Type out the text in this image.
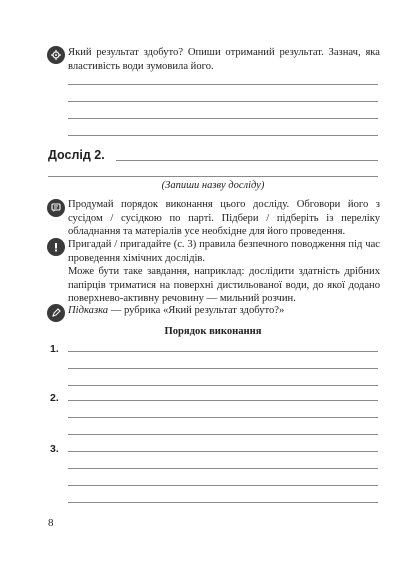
Який результат здобуто? Опиши отриманий результат. Зазнач, яка властивість води зумовила його.

Дослід 2.
(Запиши назву досліду)

Продумай порядок виконання цього досліду. Обговори його з сусідом / сусідкою по парті. Підбери / підберіть із переліку обладнання та матеріалів усе необхідне для його проведення.

Пригадай / пригадайте (с. 3) правила безпечного поводження під час проведення хімічних дослідів.

Може бути таке завдання, наприклад: дослідити здатність дрібних папірців триматися на поверхні дистильованої води, до якої додано поверхнево-активну речовину — мильний розчин.

Підказка — рубрика «Який результат здобуто?»

Порядок виконання
1.
2.
3.
8
